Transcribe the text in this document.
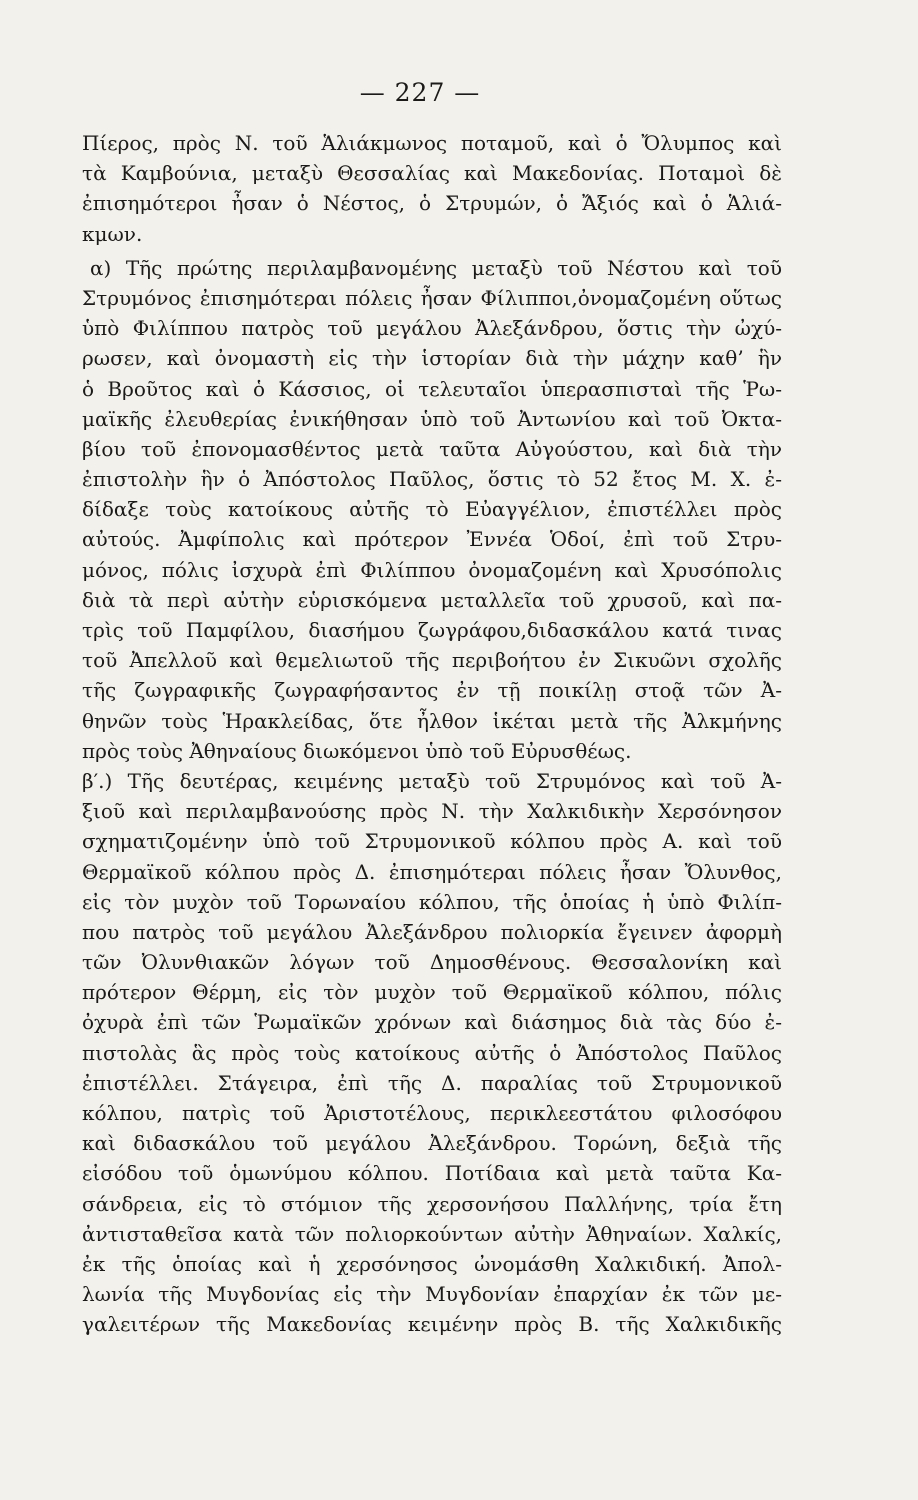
— 227 —
Πίερος, πρὸς Ν. τοῦ Ἁλιάκμωνος ποταμοῦ, καὶ ὁ Ὄλυμπος καὶ
τὰ Καμβούνια, μεταξὺ Θεσσαλίας καὶ Μακεδονίας. Ποταμοὶ δὲ
ἐπισημότεροι ἦσαν ὁ Νέστος, ὁ Στρυμών, ὁ Ἄξιός καὶ ὁ Ἁλιά-
κμων.
α) Τῆς πρώτης περιλαμβανομένης μεταξὺ τοῦ Νέστου καὶ τοῦ
Στρυμόνος ἐπισημότεραι πόλεις ἦσαν Φίλιπποι,ὀνομαζομένη οὕτως
ὑπὸ Φιλίππου πατρὸς τοῦ μεγάλου Ἀλεξάνδρου, ὅστις τὴν ὠχύ-
ρωσεν, καὶ ὀνομαστὴ εἰς τὴν ἱστορίαν διὰ τὴν μάχην καθ’ ἣν
ὁ Βροῦτος καὶ ὁ Κάσσιος, οἱ τελευταῖοι ὑπερασπισταὶ τῆς Ῥω-
μαϊκῆς ἐλευθερίας ἐνικήθησαν ὑπὸ τοῦ Ἀντωνίου καὶ τοῦ Ὀκτα-
βίου τοῦ ἐπονομασθέντος μετὰ ταῦτα Αὐγούστου, καὶ διὰ τὴν
ἐπιστολὴν ἣν ὁ Ἀπόστολος Παῦλος, ὅστις τὸ 52 ἔτος Μ. Χ. ἐ-
δίδαξε τοὺς κατοίκους αὐτῆς τὸ Εὐαγγέλιον, ἐπιστέλλει πρὸς
αὐτούς. Ἀμφίπολις καὶ πρότερον Ἐννέα Ὁδοί, ἐπὶ τοῦ Στρυ-
μόνος, πόλις ἰσχυρὰ ἐπὶ Φιλίππου ὀνομαζομένη καὶ Χρυσόπολις
διὰ τὰ περὶ αὐτὴν εὑρισκόμενα μεταλλεῖα τοῦ χρυσοῦ, καὶ πα-
τρὶς τοῦ Παμφίλου, διασήμου ζωγράφου,διδασκάλου κατά τινας
τοῦ Ἀπελλοῦ καὶ θεμελιωτοῦ τῆς περιβοήτου ἐν Σικυῶνι σχολῆς
τῆς ζωγραφικῆς ζωγραφήσαντος ἐν τῇ ποικίλῃ στοᾷ τῶν Ἀ-
θηνῶν τοὺς Ἡρακλείδας, ὅτε ἦλθον ἱκέται μετὰ τῆς Ἀλκμήνης
πρὸς τοὺς Ἀθηναίους διωκόμενοι ὑπὸ τοῦ Εὐρυσθέως.
β′.) Τῆς δευτέρας, κειμένης μεταξὺ τοῦ Στρυμόνος καὶ τοῦ Ἀ-
ξιοῦ καὶ περιλαμβανούσης πρὸς Ν. τὴν Χαλκιδικὴν Χερσόνησον
σχηματιζομένην ὑπὸ τοῦ Στρυμονικοῦ κόλπου πρὸς Α. καὶ τοῦ
Θερμαϊκοῦ κόλπου πρὸς Δ. ἐπισημότεραι πόλεις ἦσαν Ὄλυνθος,
εἰς τὸν μυχὸν τοῦ Τορωναίου κόλπου, τῆς ὁποίας ἡ ὑπὸ Φιλίπ-
που πατρὸς τοῦ μεγάλου Ἀλεξάνδρου πολιορκία ἔγεινεν ἀφορμὴ
τῶν Ὀλυνθιακῶν λόγων τοῦ Δημοσθένους. Θεσσαλονίκη καὶ
πρότερον Θέρμη, εἰς τὸν μυχὸν τοῦ Θερμαϊκοῦ κόλπου, πόλις
ὀχυρὰ ἐπὶ τῶν Ῥωμαϊκῶν χρόνων καὶ διάσημος διὰ τὰς δύο ἐ-
πιστολὰς ἃς πρὸς τοὺς κατοίκους αὐτῆς ὁ Ἀπόστολος Παῦλος
ἐπιστέλλει. Στάγειρα, ἐπὶ τῆς Δ. παραλίας τοῦ Στρυμονικοῦ
κόλπου, πατρὶς τοῦ Ἀριστοτέλους, περικλεεστάτου φιλοσόφου
καὶ διδασκάλου τοῦ μεγάλου Ἀλεξάνδρου. Τορώνη, δεξιὰ τῆς
εἰσόδου τοῦ ὁμωνύμου κόλπου. Ποτίδαια καὶ μετὰ ταῦτα Κα-
σάνδρεια, εἰς τὸ στόμιον τῆς χερσονήσου Παλλήνης, τρία ἔτη
ἀντισταθεῖσα κατὰ τῶν πολιορκούντων αὐτὴν Ἀθηναίων. Χαλκίς,
ἐκ τῆς ὁποίας καὶ ἡ χερσόνησος ὠνομάσθη Χαλκιδική. Ἀπολ-
λωνία τῆς Μυγδονίας εἰς τὴν Μυγδονίαν ἐπαρχίαν ἐκ τῶν με-
γαλειτέρων τῆς Μακεδονίας κειμένην πρὸς Β. τῆς Χαλκιδικῆς
